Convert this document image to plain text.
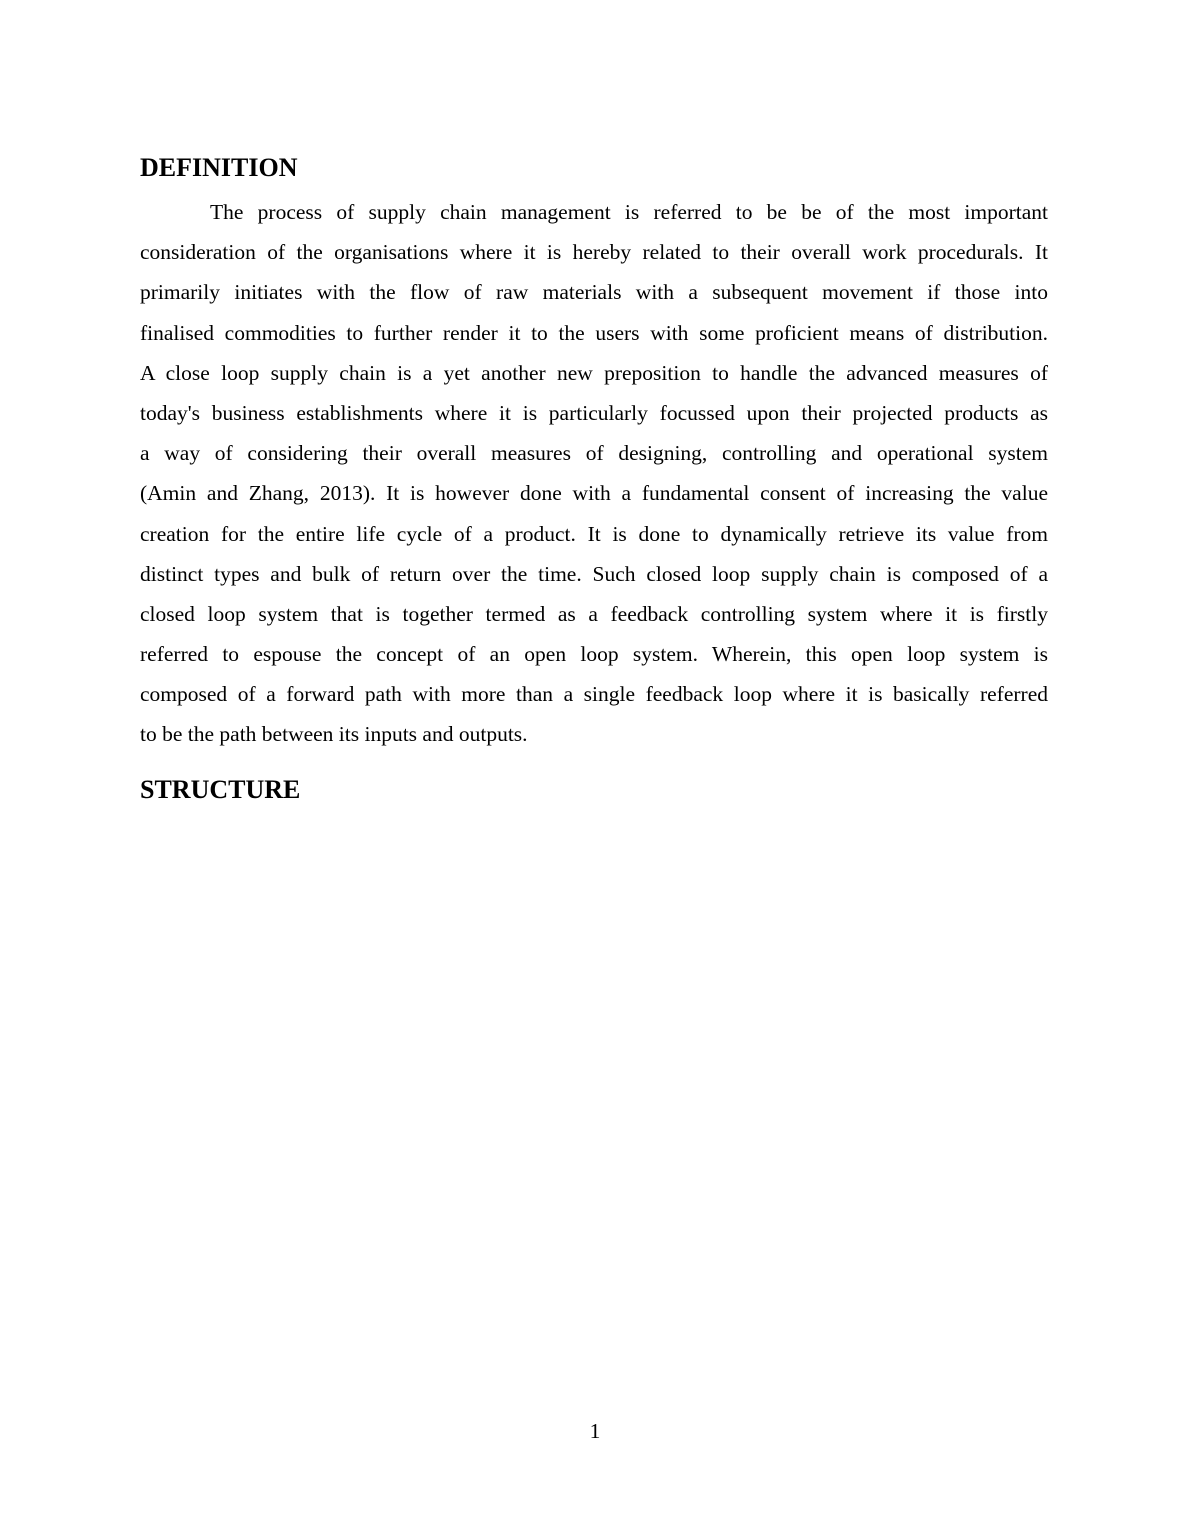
DEFINITION
The process of supply chain management is referred to be be of the most important
consideration of the organisations where it is hereby related to their overall work procedurals. It
primarily initiates with the flow of raw materials with a subsequent movement if those into
finalised commodities to further render it to the users with some proficient means of distribution.
A close loop supply chain is a yet another new preposition to handle the advanced measures of
today's business establishments where it is particularly focussed upon their projected products as
a way of considering their overall measures of designing, controlling and operational system
(Amin and Zhang, 2013). It is however done with a fundamental consent of increasing the value
creation for the entire life cycle of a product. It is done to dynamically retrieve its value from
distinct types and bulk of return over the time. Such closed loop supply chain is composed of a
closed loop system that is together termed as a feedback controlling system where it is firstly
referred to espouse the concept of an open loop system. Wherein, this open loop system is
composed of a forward path with more than a single feedback loop where it is basically referred
to be the path between its inputs and outputs.
STRUCTURE
1
